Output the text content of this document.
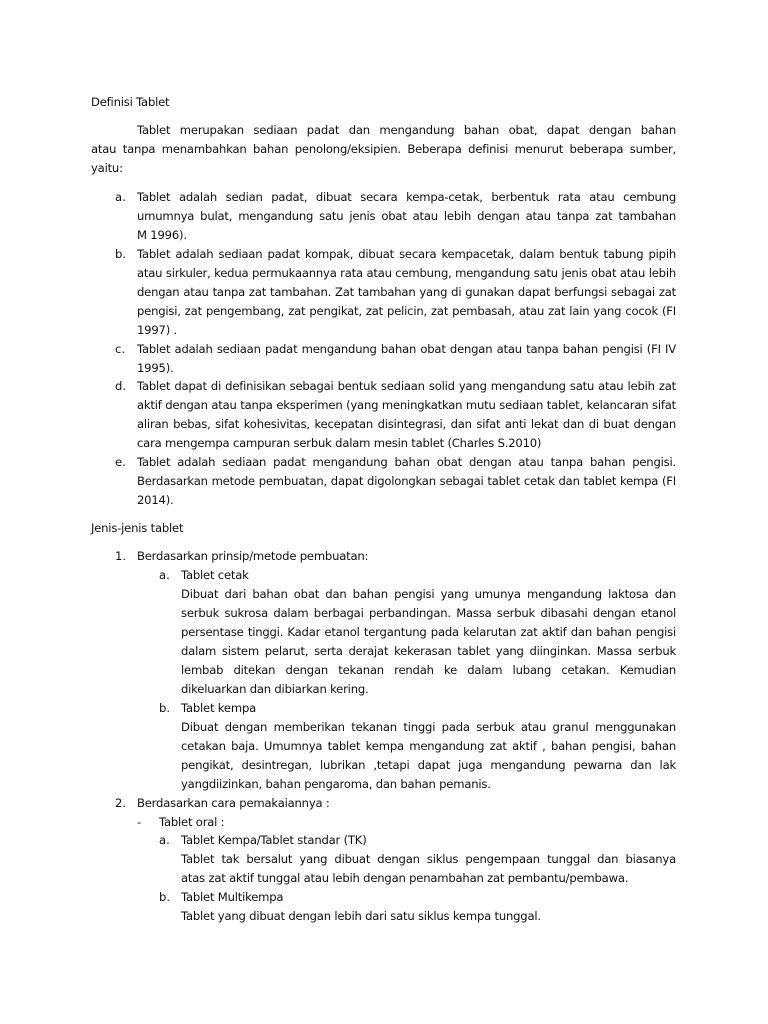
Definisi Tablet
Tablet merupakan sediaan padat dan mengandung bahan obat, dapat dengan bahan
atau tanpa menambahkan bahan penolong/eksipien. Beberapa definisi menurut beberapa sumber,
yaitu:
a. Tablet adalah sedian padat, dibuat secara kempa-cetak, berbentuk rata atau cembung
umumnya bulat, mengandung satu jenis obat atau lebih dengan atau tanpa zat tambahan
M 1996).
b. Tablet adalah sediaan padat kompak, dibuat secara kempacetak, dalam bentuk tabung pipih
atau sirkuler, kedua permukaannya rata atau cembung, mengandung satu jenis obat atau lebih
dengan atau tanpa zat tambahan. Zat tambahan yang di gunakan dapat berfungsi sebagai zat
pengisi, zat pengembang, zat pengikat, zat pelicin, zat pembasah, atau zat lain yang cocok (FI
1997) .
c. Tablet adalah sediaan padat mengandung bahan obat dengan atau tanpa bahan pengisi (FI IV
1995).
d. Tablet dapat di definisikan sebagai bentuk sediaan solid yang mengandung satu atau lebih zat
aktif dengan atau tanpa eksperimen (yang meningkatkan mutu sediaan tablet, kelancaran sifat
aliran bebas, sifat kohesivitas, kecepatan disintegrasi, dan sifat anti lekat dan di buat dengan
cara mengempa campuran serbuk dalam mesin tablet (Charles S.2010)
e. Tablet adalah sediaan padat mengandung bahan obat dengan atau tanpa bahan pengisi.
Berdasarkan metode pembuatan, dapat digolongkan sebagai tablet cetak dan tablet kempa (FI
2014).
Jenis-jenis tablet
1. Berdasarkan prinsip/metode pembuatan:
a. Tablet cetak
Dibuat dari bahan obat dan bahan pengisi yang umunya mengandung laktosa dan
serbuk sukrosa dalam berbagai perbandingan. Massa serbuk dibasahi dengan etanol
persentase tinggi. Kadar etanol tergantung pada kelarutan zat aktif dan bahan pengisi
dalam sistem pelarut, serta derajat kekerasan tablet yang diinginkan. Massa serbuk
lembab ditekan dengan tekanan rendah ke dalam lubang cetakan. Kemudian
dikeluarkan dan dibiarkan kering.
b. Tablet kempa
Dibuat dengan memberikan tekanan tinggi pada serbuk atau granul menggunakan
cetakan baja. Umumnya tablet kempa mengandung zat aktif , bahan pengisi, bahan
pengikat, desintregan, lubrikan ,tetapi dapat juga mengandung pewarna dan lak
yangdiizinkan, bahan pengaroma, dan bahan pemanis.
2. Berdasarkan cara pemakaiannya :
- Tablet oral :
a. Tablet Kempa/Tablet standar (TK)
Tablet tak bersalut yang dibuat dengan siklus pengempaan tunggal dan biasanya
atas zat aktif tunggal atau lebih dengan penambahan zat pembantu/pembawa.
b. Tablet Multikempa
Tablet yang dibuat dengan lebih dari satu siklus kempa tunggal.
